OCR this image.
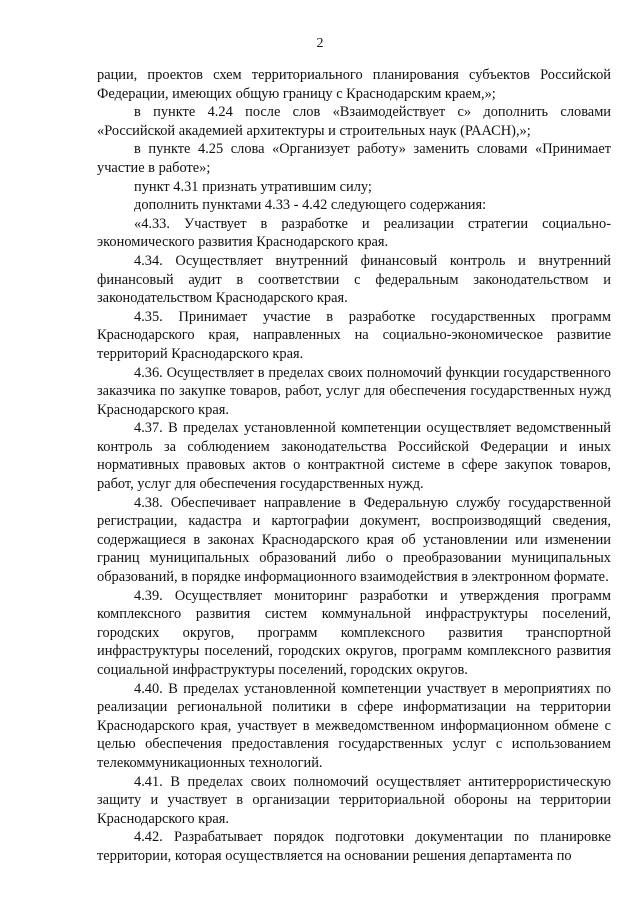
2

рации, проектов схем территориального планирования субъектов Российской Федерации, имеющих общую границу с Краснодарским краем,»;

в пункте 4.24 после слов «Взаимодействует с» дополнить словами «Российской академией архитектуры и строительных наук (РААСН),»;

в пункте 4.25 слова «Организует работу» заменить словами «Принимает участие в работе»;

пункт 4.31 признать утратившим силу;

дополнить пунктами 4.33 - 4.42 следующего содержания:

«4.33. Участвует в разработке и реализации стратегии социально-экономического развития Краснодарского края.

4.34. Осуществляет внутренний финансовый контроль и внутренний финансовый аудит в соответствии с федеральным законодательством и законодательством Краснодарского края.

4.35. Принимает участие в разработке государственных программ Краснодарского края, направленных на социально-экономическое развитие территорий Краснодарского края.

4.36. Осуществляет в пределах своих полномочий функции государственного заказчика по закупке товаров, работ, услуг для обеспечения государственных нужд Краснодарского края.

4.37. В пределах установленной компетенции осуществляет ведомственный контроль за соблюдением законодательства Российской Федерации и иных нормативных правовых актов о контрактной системе в сфере закупок товаров, работ, услуг для обеспечения государственных нужд.

4.38. Обеспечивает направление в Федеральную службу государственной регистрации, кадастра и картографии документ, воспроизводящий сведения, содержащиеся в законах Краснодарского края об установлении или изменении границ муниципальных образований либо о преобразовании муниципальных образований, в порядке информационного взаимодействия в электронном формате.

4.39. Осуществляет мониторинг разработки и утверждения программ комплексного развития систем коммунальной инфраструктуры поселений, городских округов, программ комплексного развития транспортной инфраструктуры поселений, городских округов, программ комплексного развития социальной инфраструктуры поселений, городских округов.

4.40. В пределах установленной компетенции участвует в мероприятиях по реализации региональной политики в сфере информатизации на территории Краснодарского края, участвует в межведомственном информационном обмене с целью обеспечения предоставления государственных услуг с использованием телекоммуникационных технологий.

4.41. В пределах своих полномочий осуществляет антитеррористическую защиту и участвует в организации территориальной обороны на территории Краснодарского края.

4.42. Разрабатывает порядок подготовки документации по планировке территории, которая осуществляется на основании решения департамента по
